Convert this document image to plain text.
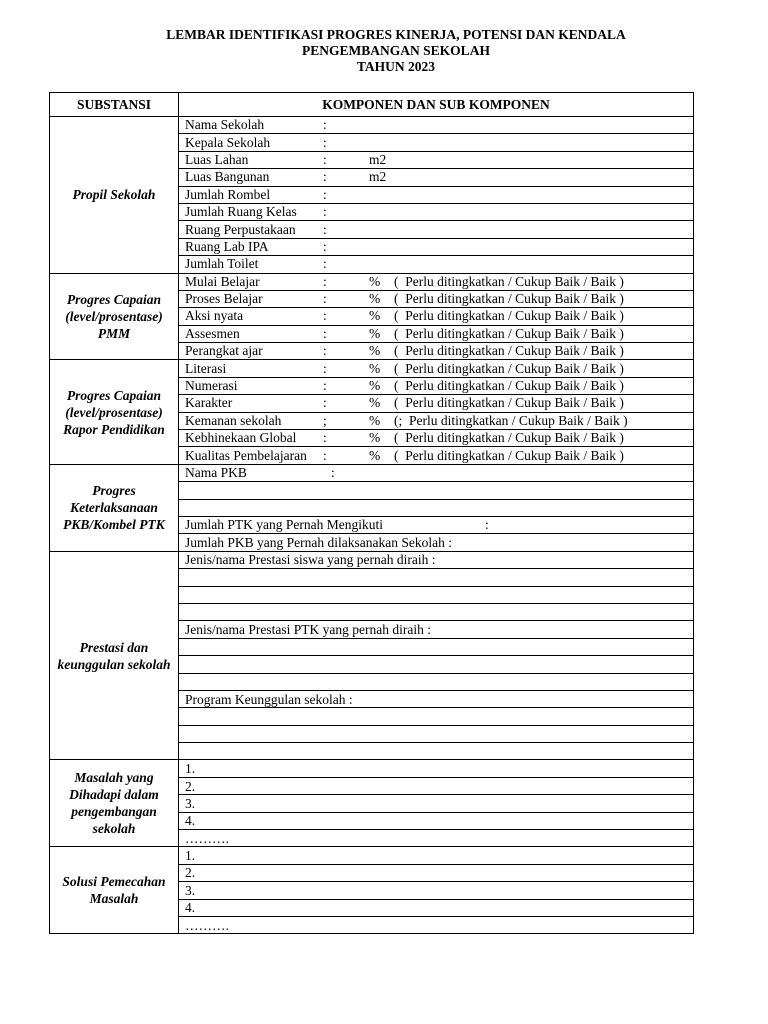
LEMBAR IDENTIFIKASI PROGRES KINERJA, POTENSI DAN KENDALA
PENGEMBANGAN SEKOLAH
TAHUN 2023
SUBSTANSI	KOMPONEN DAN SUB KOMPONEN
Propil Sekolah	Nama Sekolah :

	Kepala Sekolah :

	Luas Lahan : m2

	Luas Bangunan : m2

	Jumlah Rombel :

	Jumlah Ruang Kelas :

	Ruang Perpustakaan :

	Ruang Lab IPA :

	Jumlah Toilet :

Progres Capaian (level/prosentase) PMM	Mulai Belajar : % (  Perlu ditingkatkan / Cukup Baik / Baik )

	Proses Belajar : % (  Perlu ditingkatkan / Cukup Baik / Baik )

	Aksi nyata : % (  Perlu ditingkatkan / Cukup Baik / Baik )

	Assesmen : % (  Perlu ditingkatkan / Cukup Baik / Baik )

	Perangkat ajar : % (  Perlu ditingkatkan / Cukup Baik / Baik )

Progres Capaian (level/prosentase) Rapor Pendidikan	Literasi : % (  Perlu ditingkatkan / Cukup Baik / Baik )

	Numerasi : % (  Perlu ditingkatkan / Cukup Baik / Baik )

	Karakter : % (  Perlu ditingkatkan / Cukup Baik / Baik )

	Kemanan sekolah ; % (;  Perlu ditingkatkan / Cukup Baik / Baik )

	Kebhinekaan Global : % (  Perlu ditingkatkan / Cukup Baik / Baik )

	Kualitas Pembelajaran : % (  Perlu ditingkatkan / Cukup Baik / Baik )

Progres Keterlaksanaan PKB/Kombel PTK	Nama PKB :

	Jumlah PTK yang Pernah Mengikuti :

	Jumlah PKB yang Pernah dilaksanakan Sekolah :
Prestasi dan keunggulan sekolah	Jenis/nama Prestasi siswa yang pernah diraih :

	Jenis/nama Prestasi PTK yang pernah diraih :

	Program Keunggulan sekolah :

Masalah yang Dihadapi dalam pengembangan sekolah	1.
	2.
	3.
	4.
	……….
Solusi Pemecahan Masalah	1.
	2.
	3.
	4.
	……….
